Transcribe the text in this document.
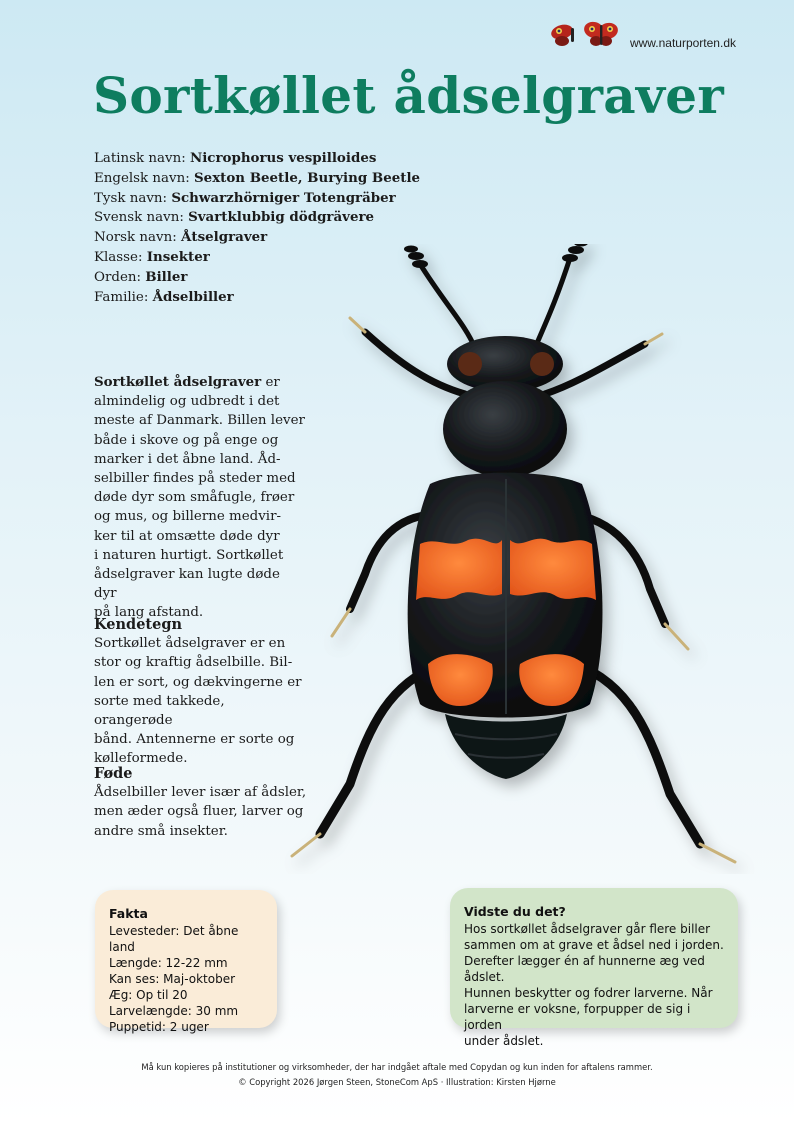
www.naturporten.dk
Sortkøllet ådselgraver
Latinsk navn: Nicrophorus vespilloides
Engelsk navn: Sexton Beetle, Burying Beetle
Tysk navn: Schwarzhörniger Totengräber
Svensk navn: Svartklubbig dödgrävere
Norsk navn: Åtselgraver
Klasse: Insekter
Orden: Biller
Familie: Ådselbiller

Sortkøllet ådselgraver er

almindelig og udbredt i det

meste af Danmark. Billen lever

både i skove og på enge og

marker i det åbne land. Åd-

selbiller findes på steder med

døde dyr som småfugle, frøer

og mus, og billerne medvir-

ker til at omsætte døde dyr

i naturen hurtigt. Sortkøllet

ådselgraver kan lugte døde dyr

på lang afstand.

Kendetegn

Sortkøllet ådselgraver er en

stor og kraftig ådselbille. Bil-

len er sort, og dækvingerne er

sorte med takkede, orangerøde

bånd. Antennerne er sorte og

kølleformede.

Føde

Ådselbiller lever især af ådsler,

men æder også fluer, larver og

andre små insekter.

Fakta
Levesteder: Det åbne land
Længde: 12-22 mm
Kan ses: Maj-oktober
Æg: Op til 20
Larvelængde: 30 mm
Puppetid: 2 uger
Vidste du det?
Hos sortkøllet ådselgraver går flere biller
sammen om at grave et ådsel ned i jorden.
Derefter lægger én af hunnerne æg ved ådslet.
Hunnen beskytter og fodrer larverne. Når
larverne er voksne, forpupper de sig i jorden
under ådslet.
Må kun kopieres på institutioner og virksomheder, der har indgået aftale med Copydan og kun inden for aftalens rammer.
© Copyright 2026 Jørgen Steen, StoneCom ApS · Illustration: Kirsten Hjørne
